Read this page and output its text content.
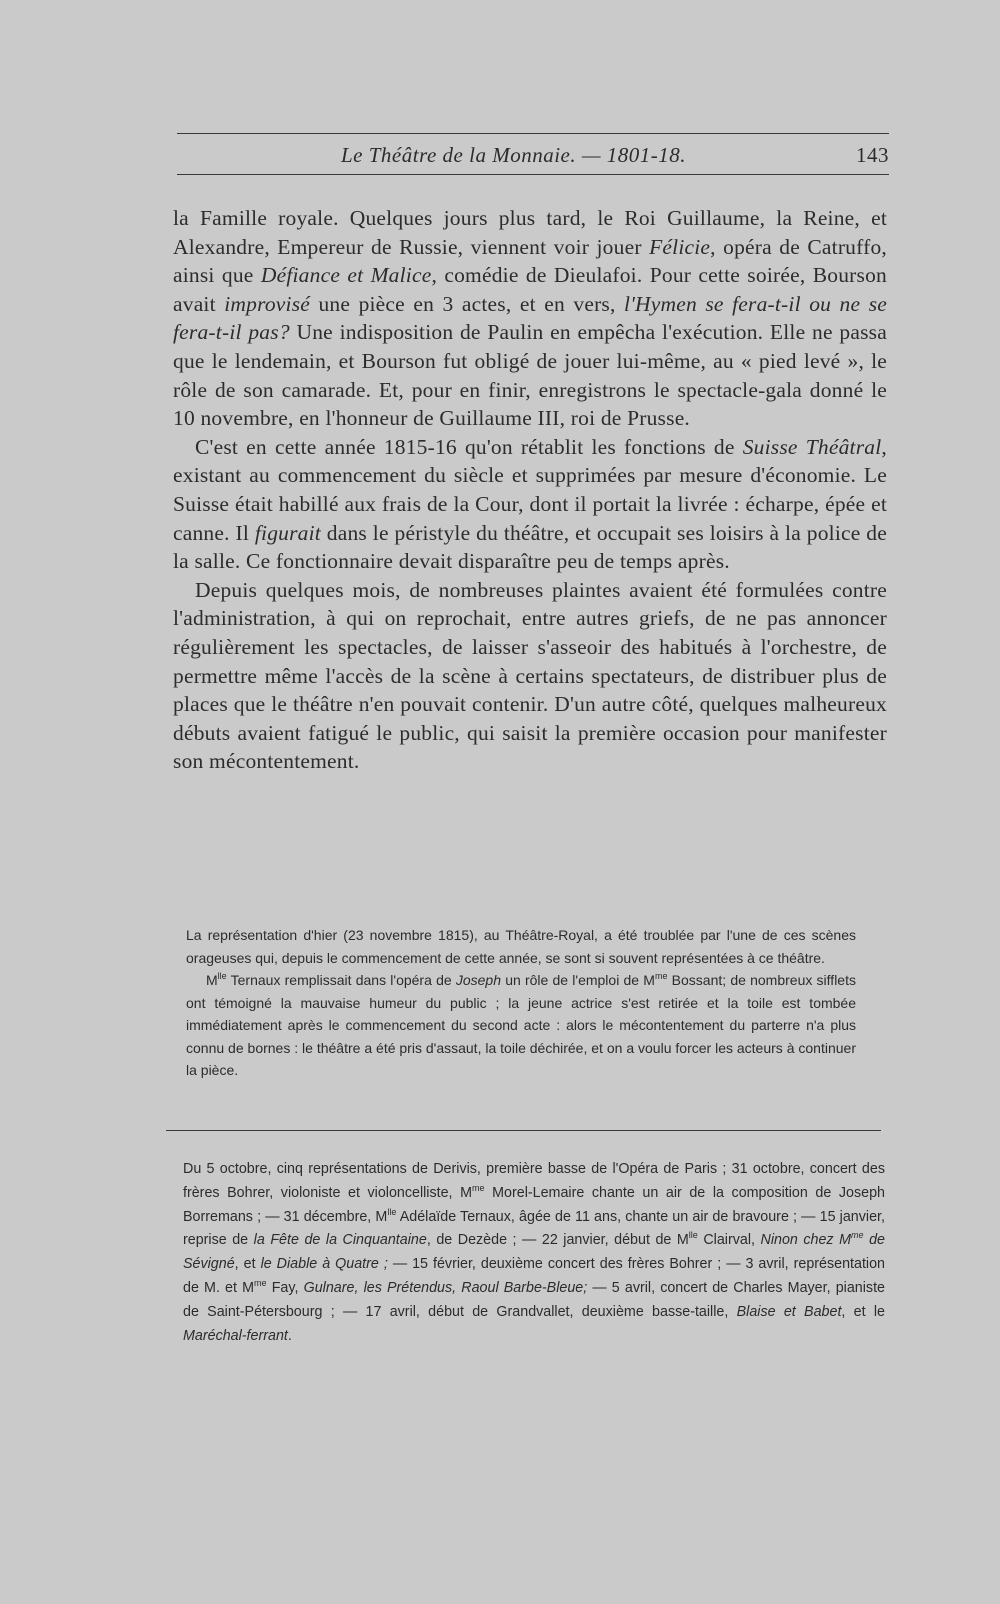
Le Théâtre de la Monnaie. — 1801-18.	143

la Famille royale. Quelques jours plus tard, le Roi Guillaume, la Reine, et Alexandre, Empereur de Russie, viennent voir jouer Félicie, opéra de Catruffo, ainsi que Défiance et Malice, comédie de Dieulafoi. Pour cette soirée, Bourson avait improvisé une pièce en 3 actes, et en vers, l'Hymen se fera-t-il ou ne se fera-t-il pas? Une indisposition de Paulin en empêcha l'exécution. Elle ne passa que le lendemain, et Bourson fut obligé de jouer lui-même, au « pied levé », le rôle de son camarade. Et, pour en finir, enregistrons le spectacle-gala donné le 10 novembre, en l'honneur de Guillaume III, roi de Prusse.

C'est en cette année 1815-16 qu'on rétablit les fonctions de Suisse Théâtral, existant au commencement du siècle et supprimées par mesure d'économie. Le Suisse était habillé aux frais de la Cour, dont il portait la livrée : écharpe, épée et canne. Il figurait dans le péristyle du théâtre, et occupait ses loisirs à la police de la salle. Ce fonctionnaire devait disparaître peu de temps après.

Depuis quelques mois, de nombreuses plaintes avaient été formulées contre l'administration, à qui on reprochait, entre autres griefs, de ne pas annoncer régulièrement les spectacles, de laisser s'asseoir des habitués à l'orchestre, de permettre même l'accès de la scène à certains spectateurs, de distribuer plus de places que le théâtre n'en pouvait contenir. D'un autre côté, quelques malheureux débuts avaient fatigué le public, qui saisit la première occasion pour manifester son mécontentement.

La représentation d'hier (23 novembre 1815), au Théâtre-Royal, a été troublée par l'une de ces scènes orageuses qui, depuis le commencement de cette année, se sont si souvent représentées à ce théâtre.

$M^{lle}$ Ternaux remplissait dans l'opéra de Joseph un rôle de l'emploi de $M^{me}$ Bossant; de nombreux sifflets ont témoigné la mauvaise humeur du public ; la jeune actrice s'est retirée et la toile est tombée immédiatement après le commencement du second acte : alors le mécontentement du parterre n'a plus connu de bornes : le théâtre a été pris d'assaut, la toile déchirée, et on a voulu forcer les acteurs à continuer la pièce.

Du 5 octobre, cinq représentations de Derivis, première basse de l'Opéra de Paris ; 31 octobre, concert des frères Bohrer, violoniste et violoncelliste, $M^{me}$ Morel-Lemaire chante un air de la composition de Joseph Borremans ; — 31 décembre, $M^{lle}$ Adélaïde Ternaux, âgée de 11 ans, chante un air de bravoure ; — 15 janvier, reprise de la Fête de la Cinquantaine, de Dezède ; — 22 janvier, début de $M^{lle}$ Clairval, Ninon chez $M^{me}$ de Sévigné, et le Diable à Quatre ; — 15 février, deuxième concert des frères Bohrer ; — 3 avril, représentation de M. et $M^{me}$ Fay, Gulnare, les Prétendus, Raoul Barbe-Bleue; — 5 avril, concert de Charles Mayer, pianiste de Saint-Pétersbourg ; — 17 avril, début de Grandvallet, deuxième basse-taille, Blaise et Babet, et le Maréchal-ferrant.
